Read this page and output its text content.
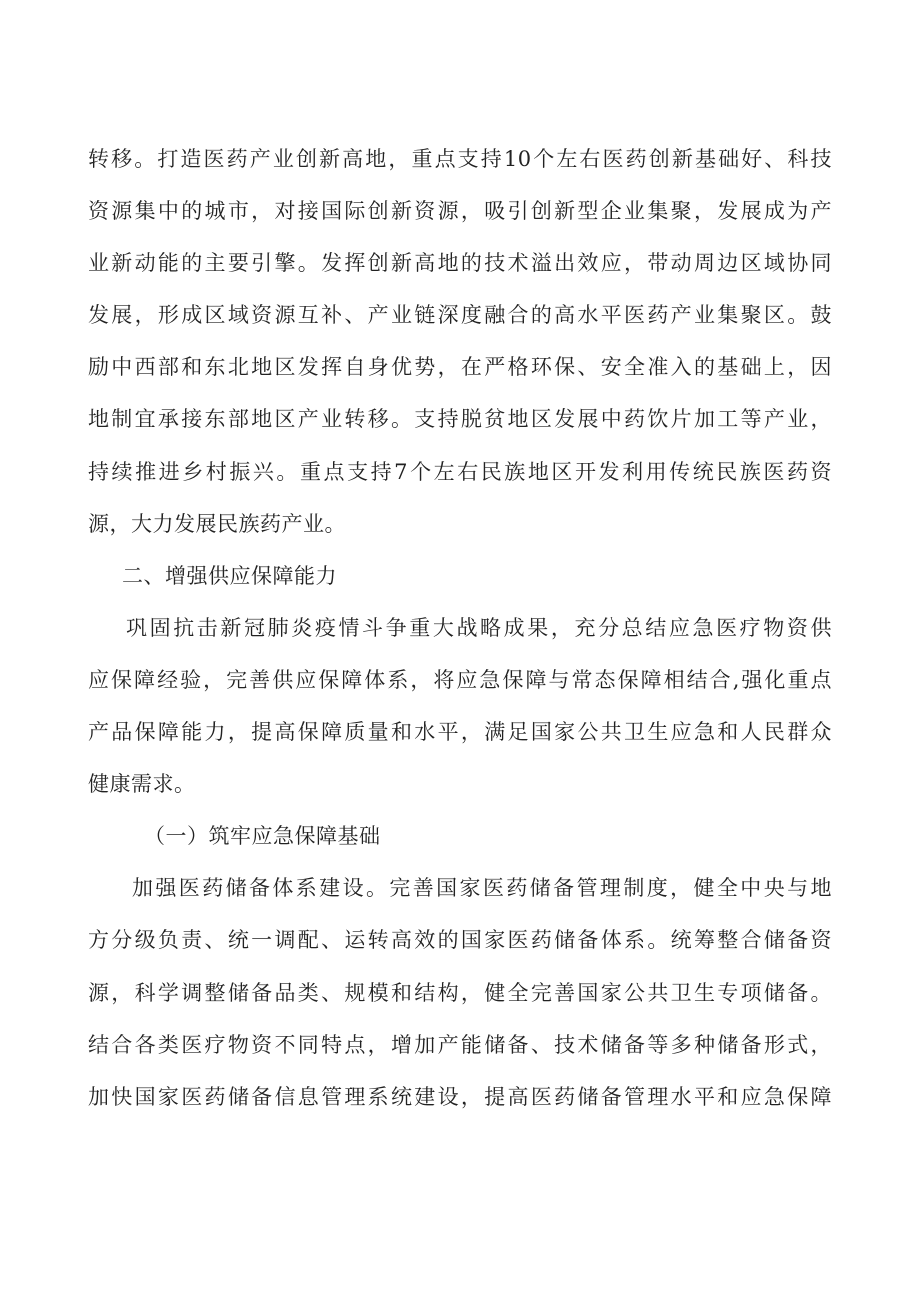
转移。打造医药产业创新高地，重点支持10个左右医药创新基础好、科技
资源集中的城市，对接国际创新资源，吸引创新型企业集聚，发展成为产
业新动能的主要引擎。发挥创新高地的技术溢出效应，带动周边区域协同
发展，形成区域资源互补、产业链深度融合的高水平医药产业集聚区。鼓
励中西部和东北地区发挥自身优势，在严格环保、安全准入的基础上，因
地制宜承接东部地区产业转移。支持脱贫地区发展中药饮片加工等产业，
持续推进乡村振兴。重点支持7个左右民族地区开发利用传统民族医药资
源，大力发展民族药产业。
二、增强供应保障能力
巩固抗击新冠肺炎疫情斗争重大战略成果，充分总结应急医疗物资供
应保障经验，完善供应保障体系，将应急保障与常态保障相结合,强化重点
产品保障能力，提高保障质量和水平，满足国家公共卫生应急和人民群众
健康需求。
（一）筑牢应急保障基础
加强医药储备体系建设。完善国家医药储备管理制度，健全中央与地
方分级负责、统一调配、运转高效的国家医药储备体系。统筹整合储备资
源，科学调整储备品类、规模和结构，健全完善国家公共卫生专项储备。
结合各类医疗物资不同特点，增加产能储备、技术储备等多种储备形式，
加快国家医药储备信息管理系统建设，提高医药储备管理水平和应急保障
